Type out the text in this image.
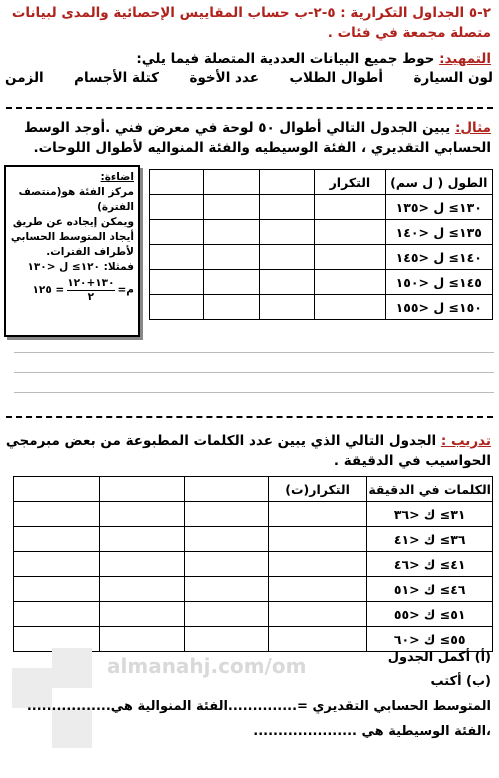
٢-٥ الجداول التكرارية : ٥-٢-ب حساب المقاييس الإحصائية والمدى لبيانات
متصلة مجمعة في فئات .
التمهيد: حوط جميع البيانات العددية المتصلة فيما يلي:
لون السيارة
أطوال الطلاب
عدد الأخوة
كتلة الأجسام
الزمن
مثال: يبين الجدول التالي أطوال ٥٠ لوحة في معرض فني .أوجد الوسط
الحسابي التقديري ، الفئة الوسيطيه والفئة المنواليه لأطوال اللوحات.
الطول ( ل سم)	التكرار			
١٣٠≥ ل <١٣٥				
١٣٥≥ ل <١٤٠				
١٤٠≥ ل <١٤٥				
١٤٥≥ ل <١٥٠				
١٥٠≥ ل <١٥٥				
اضاءة:
مركز الفئة هو(منتصف
الفترة)
ويمكن إيجاده عن طريق
أيجاد المتوسط الحسابي
لأطراف الفترات.
فمثلا: ١٢٠≥ ل <١٣٠
م=
١٣٠+١٢٠
٢
= ١٢٥
تدريب : الجدول التالي الذي يبين عدد الكلمات المطبوعة من بعض مبرمجي
الحواسيب في الدقيقة .
الكلمات في الدقيقة	التكرار(ت)			
٣١≥ ك <٣٦				
٣٦≥ ك <٤١				
٤١≥ ك <٤٦				
٤٦≥ ك <٥١				
٥١≥ ك <٥٥				
٥٥≥ ك <٦٠				
almanahj.com/om	(أ) أكمل الجدول
(ب) أكتب
المتوسط الحسابي التقديري =..............الفئة المنوالية هي.................
،الفئة الوسيطية هي .....................
